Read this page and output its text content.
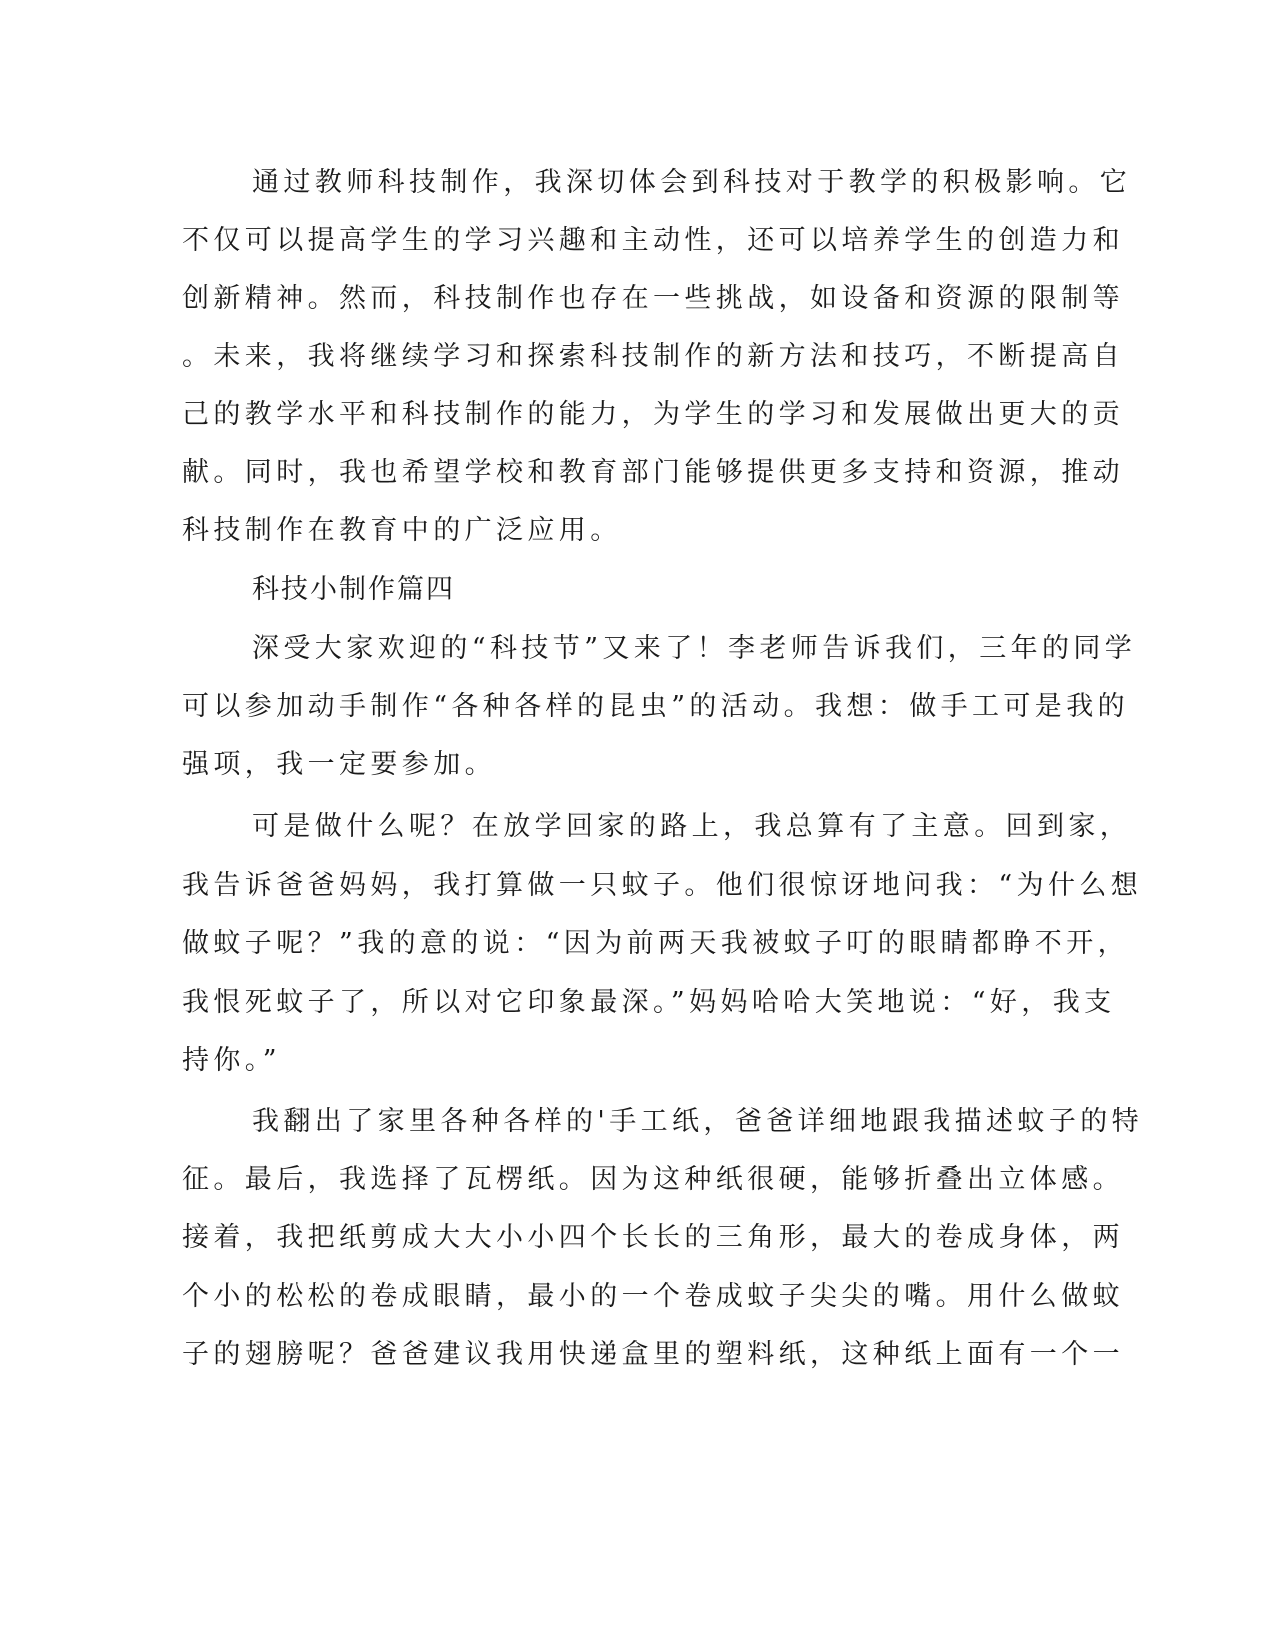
通过教师科技制作，我深切体会到科技对于教学的积极影响。它
不仅可以提高学生的学习兴趣和主动性，还可以培养学生的创造力和
创新精神。然而，科技制作也存在一些挑战，如设备和资源的限制等
。未来，我将继续学习和探索科技制作的新方法和技巧，不断提高自
己的教学水平和科技制作的能力，为学生的学习和发展做出更大的贡
献。同时，我也希望学校和教育部门能够提供更多支持和资源，推动
科技制作在教育中的广泛应用。
科技小制作篇四
深受大家欢迎的“科技节”又来了！李老师告诉我们，三年的同学
可以参加动手制作“各种各样的昆虫”的活动。我想：做手工可是我的
强项，我一定要参加。
可是做什么呢？在放学回家的路上，我总算有了主意。回到家，
我告诉爸爸妈妈，我打算做一只蚊子。他们很惊讶地问我：“为什么想
做蚊子呢？”我的意的说：“因为前两天我被蚊子叮的眼睛都睁不开，
我恨死蚊子了，所以对它印象最深。”妈妈哈哈大笑地说：“好，我支
持你。”
我翻出了家里各种各样的'手工纸，爸爸详细地跟我描述蚊子的特
征。最后，我选择了瓦楞纸。因为这种纸很硬，能够折叠出立体感。
接着，我把纸剪成大大小小四个长长的三角形，最大的卷成身体，两
个小的松松的卷成眼睛，最小的一个卷成蚊子尖尖的嘴。用什么做蚊
子的翅膀呢？爸爸建议我用快递盒里的塑料纸，这种纸上面有一个一
